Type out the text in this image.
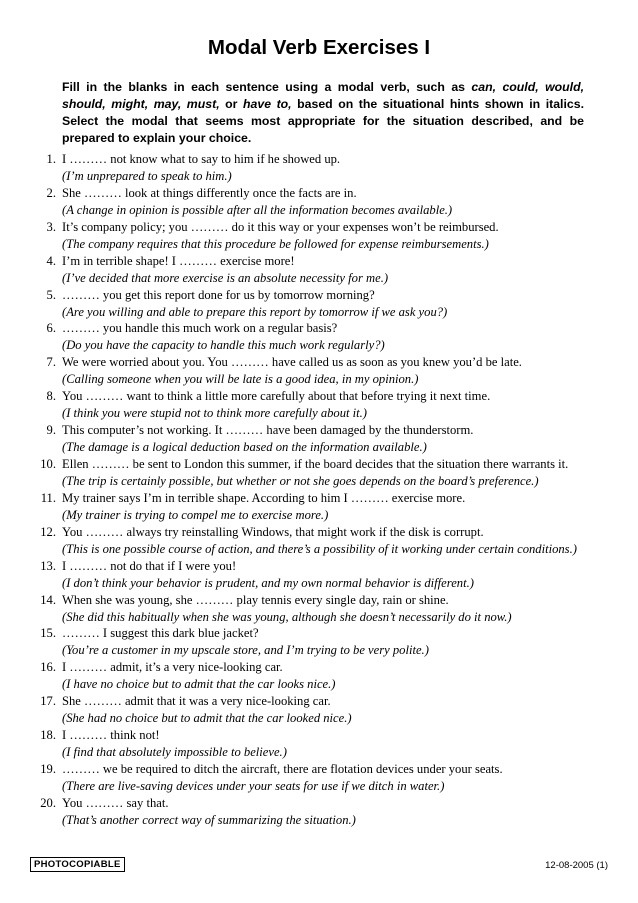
Modal Verb Exercises I
Fill in the blanks in each sentence using a modal verb, such as can, could, would, should, might, may, must, or have to, based on the situational hints shown in italics. Select the modal that seems most appropriate for the situation described, and be prepared to explain your choice.
1. I ……… not know what to say to him if he showed up.
(I’m unprepared to speak to him.)
2. She ……… look at things differently once the facts are in.
(A change in opinion is possible after all the information becomes available.)
3. It’s company policy; you ……… do it this way or your expenses won’t be reimbursed.
(The company requires that this procedure be followed for expense reimbursements.)
4. I’m in terrible shape! I ……… exercise more!
(I’ve decided that more exercise is an absolute necessity for me.)
5. ……… you get this report done for us by tomorrow morning?
(Are you willing and able to prepare this report by tomorrow if we ask you?)
6. ……… you handle this much work on a regular basis?
(Do you have the capacity to handle this much work regularly?)
7. We were worried about you. You ……… have called us as soon as you knew you’d be late.
(Calling someone when you will be late is a good idea, in my opinion.)
8. You ……… want to think a little more carefully about that before trying it next time.
(I think you were stupid not to think more carefully about it.)
9. This computer’s not working. It ……… have been damaged by the thunderstorm.
(The damage is a logical deduction based on the information available.)
10. Ellen ……… be sent to London this summer, if the board decides that the situation there warrants it.
(The trip is certainly possible, but whether or not she goes depends on the board’s preference.)
11. My trainer says I’m in terrible shape. According to him I ……… exercise more.
(My trainer is trying to compel me to exercise more.)
12. You ……… always try reinstalling Windows, that might work if the disk is corrupt.
(This is one possible course of action, and there’s a possibility of it working under certain conditions.)
13. I ……… not do that if I were you!
(I don’t think your behavior is prudent, and my own normal behavior is different.)
14. When she was young, she ……… play tennis every single day, rain or shine.
(She did this habitually when she was young, although she doesn’t necessarily do it now.)
15. ……… I suggest this dark blue jacket?
(You’re a customer in my upscale store, and I’m trying to be very polite.)
16. I ……… admit, it’s a very nice-looking car.
(I have no choice but to admit that the car looks nice.)
17. She ……… admit that it was a very nice-looking car.
(She had no choice but to admit that the car looked nice.)
18. I ……… think not!
(I find that absolutely impossible to believe.)
19. ……… we be required to ditch the aircraft, there are flotation devices under your seats.
(There are live-saving devices under your seats for use if we ditch in water.)
20. You ……… say that.
(That’s another correct way of summarizing the situation.)
PHOTOCOPIABLE	12-08-2005 (1)
